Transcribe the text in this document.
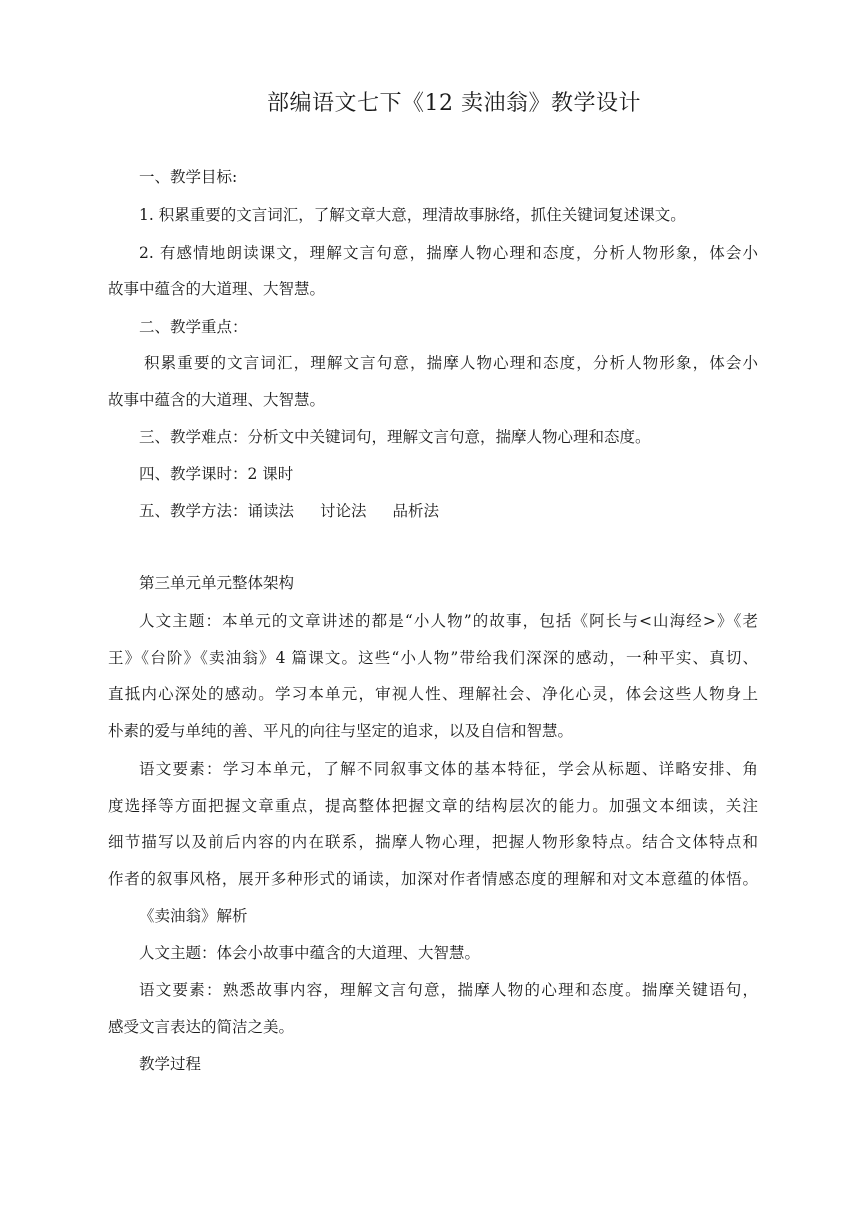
部编语文七下《12 卖油翁》教学设计
一、教学目标:
1. 积累重要的文言词汇，了解文章大意，理清故事脉络，抓住关键词复述课文。
2. 有感情地朗读课文，理解文言句意，揣摩人物心理和态度，分析人物形象，体会小
故事中蕴含的大道理、大智慧。
二、教学重点：
积累重要的文言词汇，理解文言句意，揣摩人物心理和态度，分析人物形象，体会小
故事中蕴含的大道理、大智慧。
三、教学难点：分析文中关键词句，理解文言句意，揣摩人物心理和态度。
四、教学课时：2 课时
五、教学方法：诵读法 讨论法 品析法
第三单元单元整体架构
人文主题：本单元的文章讲述的都是“小人物”的故事，包括《阿长与<山海经>》《老
王》《台阶》《卖油翁》4 篇课文。这些“小人物”带给我们深深的感动，一种平实、真切、
直抵内心深处的感动。学习本单元，审视人性、理解社会、净化心灵，体会这些人物身上
朴素的爱与单纯的善、平凡的向往与坚定的追求，以及自信和智慧。
语文要素：学习本单元，了解不同叙事文体的基本特征，学会从标题、详略安排、角
度选择等方面把握文章重点，提高整体把握文章的结构层次的能力。加强文本细读，关注
细节描写以及前后内容的内在联系，揣摩人物心理，把握人物形象特点。结合文体特点和
作者的叙事风格，展开多种形式的诵读，加深对作者情感态度的理解和对文本意蕴的体悟。
《卖油翁》解析
人文主题：体会小故事中蕴含的大道理、大智慧。
语文要素：熟悉故事内容，理解文言句意，揣摩人物的心理和态度。揣摩关键语句，
感受文言表达的简洁之美。
教学过程
